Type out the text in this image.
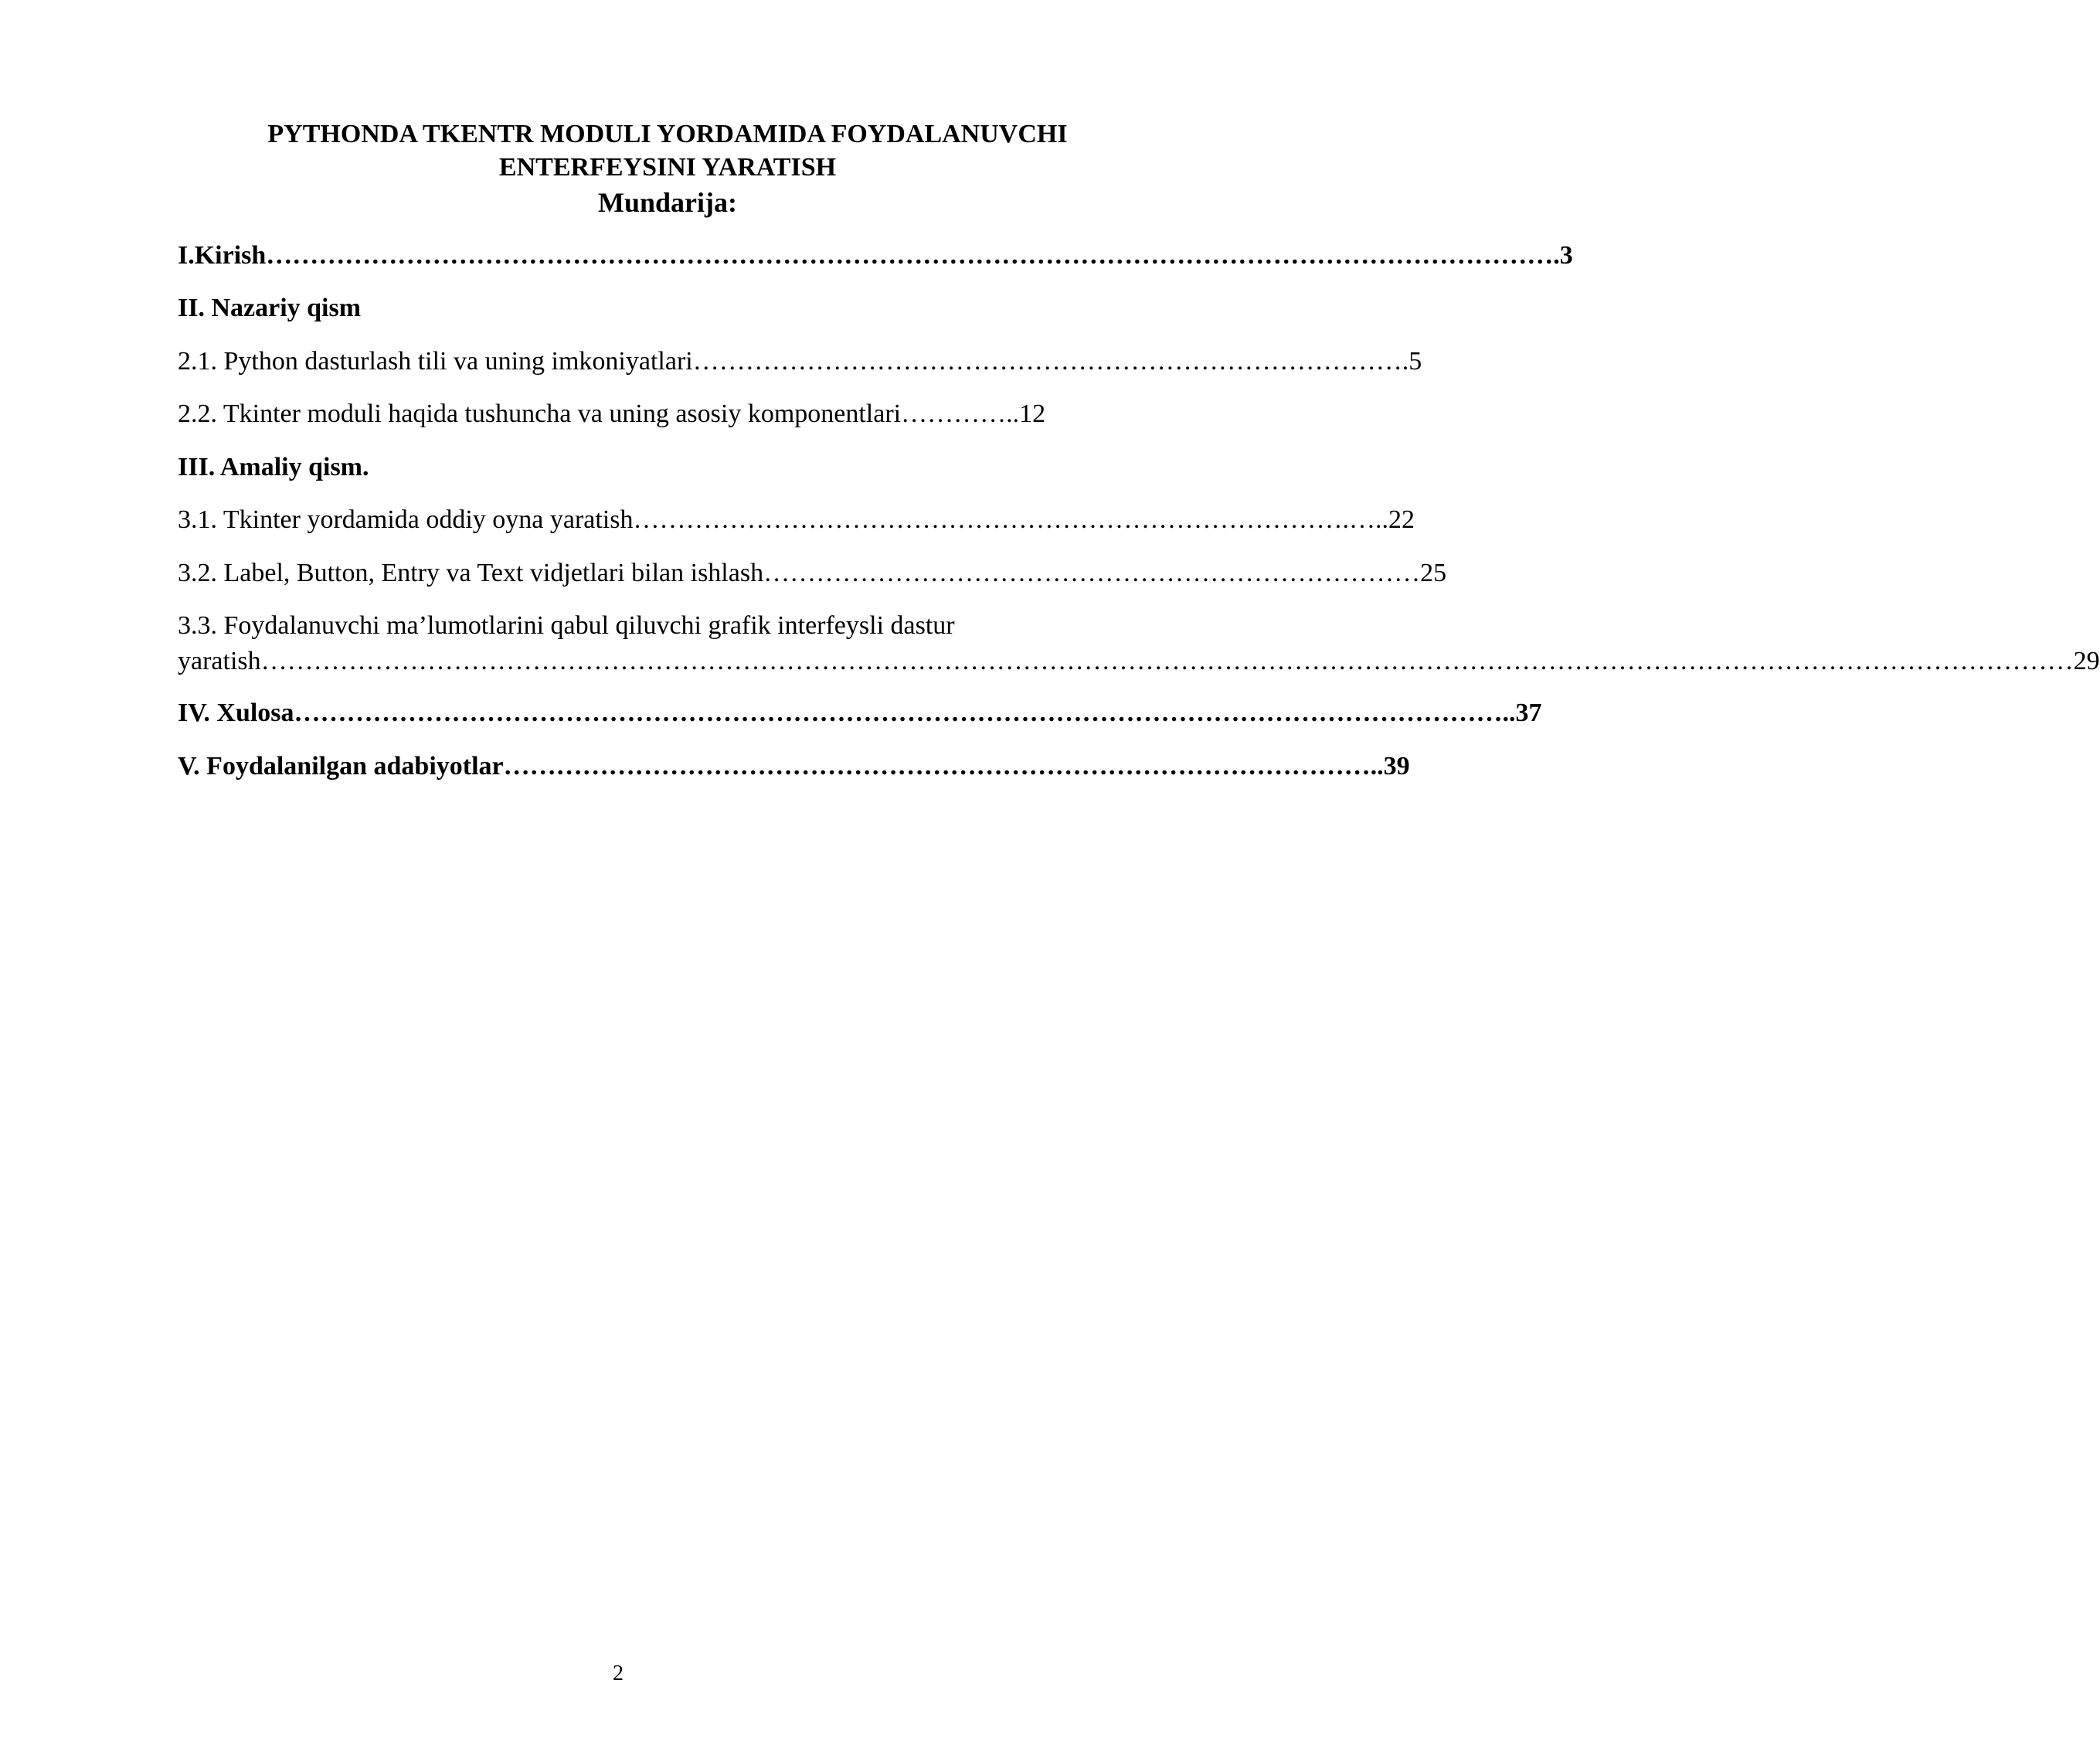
PYTHONDA TKENTR MODULI YORDAMIDA FOYDALANUVCHI
ENTERFEYSINI YARATISH
Mundarija:
I.Kirish………………………………………………………………………………………………………………………………….3
II. Nazariy qism
2.1. Python dasturlash tili va uning imkoniyatlari……………………………………………………………………….5
2.2. Tkinter moduli haqida tushuncha va uning asosiy komponentlari…………..12
III. Amaliy qism.
3.1. Tkinter yordamida oddiy oyna yaratish……………………………………………………………………….…..22
3.2. Label, Button, Entry va Text vidjetlari bilan ishlash…………………………………………………………………25
3.3. Foydalanuvchi ma’lumotlarini qabul qiluvchi grafik interfeysli dastur
yaratish………………………………………………………………………………………………………………………………………………………………………………………29
IV. Xulosa…………………………………………………………………………………………………………………………..37
V. Foydalanilgan adabiyotlar………………………………………………………………………………………..39
2
